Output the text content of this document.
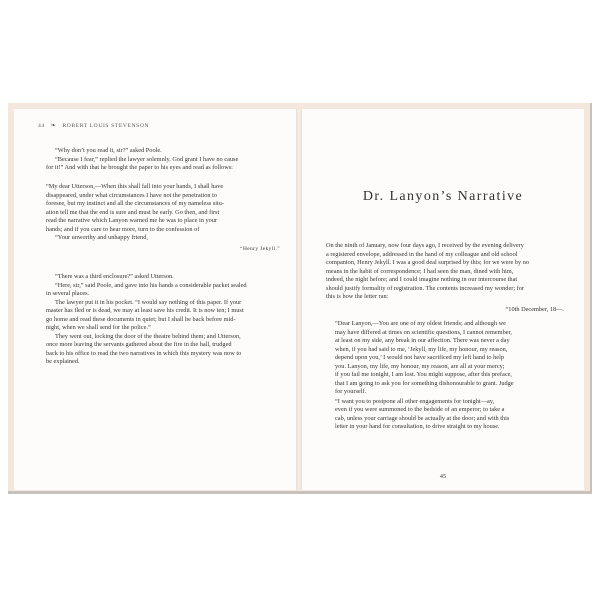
44 ❧ ROBERT LOUIS STEVENSON

“Why don’t you read it, sir?” asked Poole.

“Because I fear,” replied the lawyer solemnly. God grant I have no cause

for it!” And with that he brought the paper to his eyes and read as follows:

“My dear Utterson,—When this shall fall into your hands, I shall have

disappeared, under what circumstances I have not the penetration to

foresee, but my instinct and all the circumstances of my nameless situ-

ation tell me that the end is sure and must be early. Go then, and first

read the narrative which Lanyon warned me he was to place in your

hands; and if you care to hear more, turn to the confession of

“Your unworthy and unhappy friend,

“Henry Jekyll.”

“There was a third enclosure?” asked Utterson.

“Here, sir,” said Poole, and gave into his hands a considerable packet sealed

in several places.

The lawyer put it in his pocket. “I would say nothing of this paper. If your

master has fled or is dead, we may at least save his credit. It is now ten; I must

go home and read these documents in quiet; but I shall be back before mid-

night, when we shall send for the police.”

They went out, locking the door of the theatre behind them; and Utterson,

once more leaving the servants gathered about the fire in the hall, trudged

back to his office to read the two narratives in which this mystery was now to

be explained.

Dr. Lanyon’s Narrative

On the ninth of January, now four days ago, I received by the evening delivery

a registered envelope, addressed in the hand of my colleague and old school

companion, Henry Jekyll. I was a good deal surprised by this; for we were by no

means in the habit of correspondence; I had seen the man, dined with him,

indeed, the night before; and I could imagine nothing in our intercourse that

should justify formality of registration. The contents increased my wonder; for

this is how the letter ran:

“10th December, 18—.

“Dear Lanyon,—You are one of my oldest friends; and although we

may have differed at times on scientific questions, I cannot remember,

at least on my side, any break in our affection. There was never a day

when, if you had said to me, ‘Jekyll, my life, my honour, my reason,

depend upon you,’ I would not have sacrificed my left hand to help

you. Lanyon, my life, my honour, my reason, are all at your mercy;

if you fail me tonight, I am lost. You might suppose, after this preface,

that I am going to ask you for something dishonourable to grant. Judge

for yourself.

“I want you to postpone all other engagements for tonight—ay,

even if you were summoned to the bedside of an emperor; to take a

cab, unless your carriage should be actually at the door; and with this

letter in your hand for consultation, to drive straight to my house.

45
